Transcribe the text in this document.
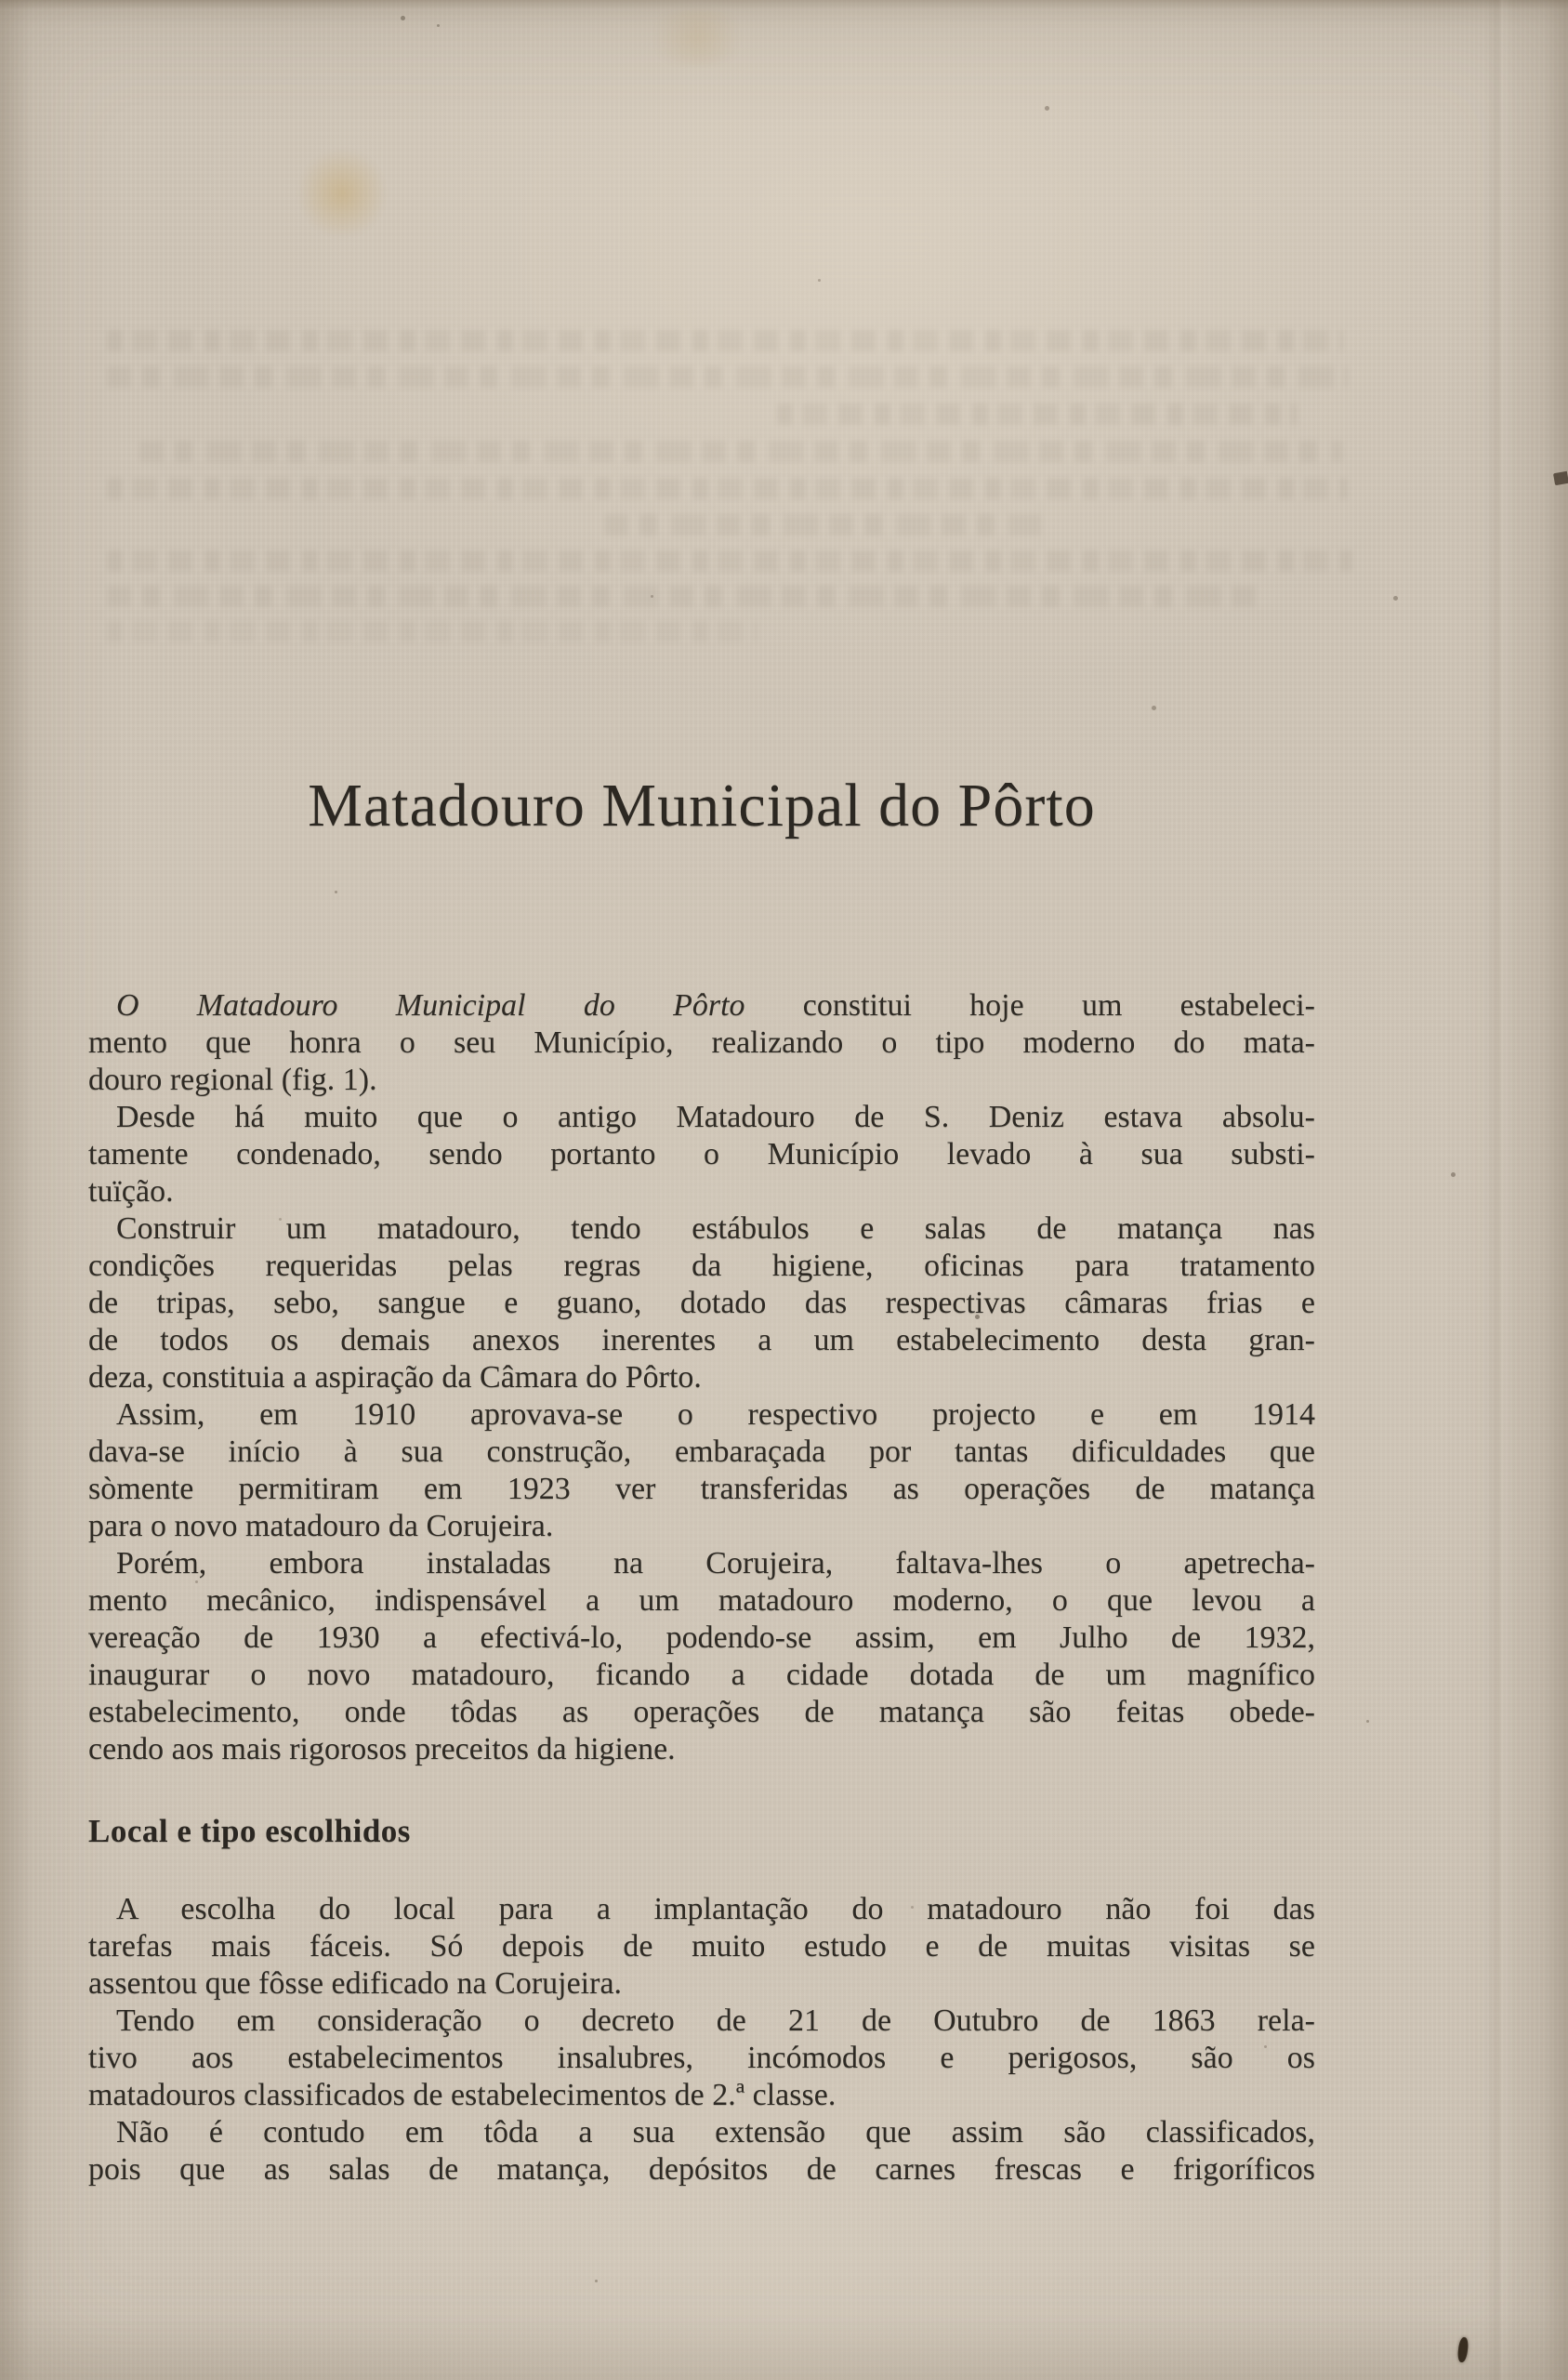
Matadouro Municipal do Pôrto
O Matadouro Municipal do Pôrto constitui hoje um estabeleci-
mento que honra o seu Município, realizando o tipo moderno do mata-
douro regional (fig. 1).
Desde há muito que o antigo Matadouro de S. Deniz estava absolu-
tamente condenado, sendo portanto o Município levado à sua substi-
tuïção.
Construir um matadouro, tendo estábulos e salas de matança nas
condições requeridas pelas regras da higiene, oficinas para tratamento
de tripas, sebo, sangue e guano, dotado das respectivas câmaras frias e
de todos os demais anexos inerentes a um estabelecimento desta gran-
deza, constituia a aspiração da Câmara do Pôrto.
Assim, em 1910 aprovava-se o respectivo projecto e em 1914
dava-se início à sua construção, embaraçada por tantas dificuldades que
sòmente permitiram em 1923 ver transferidas as operações de matança
para o novo matadouro da Corujeira.
Porém, embora instaladas na Corujeira, faltava-lhes o apetrecha-
mento mecânico, indispensável a um matadouro moderno, o que levou a
vereação de 1930 a efectivá-lo, podendo-se assim, em Julho de 1932,
inaugurar o novo matadouro, ficando a cidade dotada de um magnífico
estabelecimento, onde tôdas as operações de matança são feitas obede-
cendo aos mais rigorosos preceitos da higiene.
Local e tipo escolhidos
A escolha do local para a implantação do matadouro não foi das
tarefas mais fáceis. Só depois de muito estudo e de muitas visitas se
assentou que fôsse edificado na Corujeira.
Tendo em consideração o decreto de 21 de Outubro de 1863 rela-
tivo aos estabelecimentos insalubres, incómodos e perigosos, são os
matadouros classificados de estabelecimentos de 2.ª classe.
Não é contudo em tôda a sua extensão que assim são classificados,
pois que as salas de matança, depósitos de carnes frescas e frigoríficos
